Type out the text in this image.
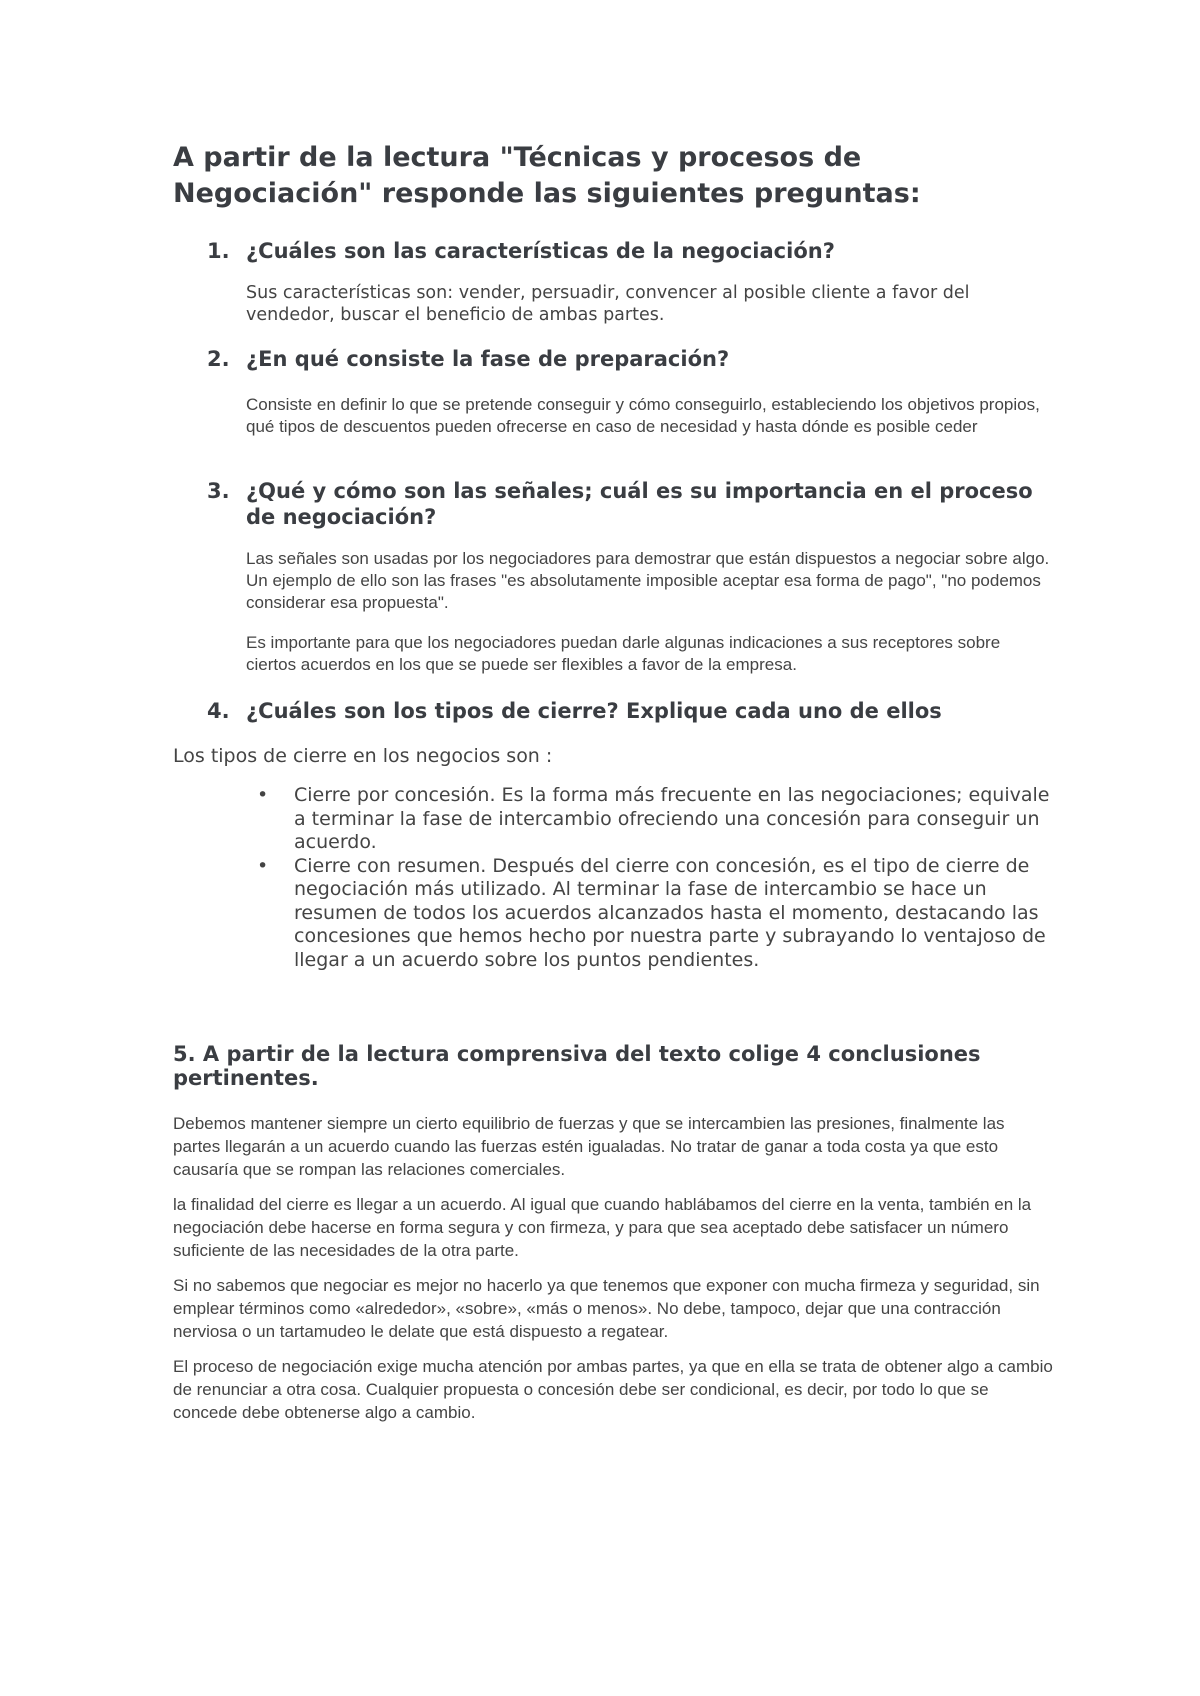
A partir de la lectura "Técnicas y procesos de Negociación" responde las siguientes preguntas:

1. ¿Cuáles son las características de la negociación?

Sus características son: vender, persuadir, convencer al posible cliente a favor del vendedor, buscar el beneficio de ambas partes.

2. ¿En qué consiste la fase de preparación?

Consiste en definir lo que se pretende conseguir y cómo conseguirlo, estableciendo los objetivos propios, qué tipos de descuentos pueden ofrecerse en caso de necesidad y hasta dónde es posible ceder

3. ¿Qué y cómo son las señales; cuál es su importancia en el proceso de negociación?

Las señales son usadas por los negociadores para demostrar que están dispuestos a negociar sobre algo. Un ejemplo de ello son las frases "es absolutamente imposible aceptar esa forma de pago", "no podemos considerar esa propuesta".

Es importante para que los negociadores puedan darle algunas indicaciones a sus receptores sobre ciertos acuerdos en los que se puede ser flexibles a favor de la empresa.

4. ¿Cuáles son los tipos de cierre? Explique cada uno de ellos

Los tipos de cierre en los negocios son :

• Cierre por concesión. Es la forma más frecuente en las negociaciones; equivale a terminar la fase de intercambio ofreciendo una concesión para conseguir un acuerdo.
• Cierre con resumen. Después del cierre con concesión, es el tipo de cierre de negociación más utilizado. Al terminar la fase de intercambio se hace un resumen de todos los acuerdos alcanzados hasta el momento, destacando las concesiones que hemos hecho por nuestra parte y subrayando lo ventajoso de llegar a un acuerdo sobre los puntos pendientes.

5. A partir de la lectura comprensiva del texto colige 4 conclusiones pertinentes.

Debemos mantener siempre un cierto equilibrio de fuerzas y que se intercambien las presiones, finalmente las partes llegarán a un acuerdo cuando las fuerzas estén igualadas. No tratar de ganar a toda costa ya que esto causaría que se rompan las relaciones comerciales.

la finalidad del cierre es llegar a un acuerdo. Al igual que cuando hablábamos del cierre en la venta, también en la negociación debe hacerse en forma segura y con firmeza, y para que sea aceptado debe satisfacer un número suficiente de las necesidades de la otra parte.

Si no sabemos que negociar es mejor no hacerlo ya que tenemos que exponer con mucha firmeza y seguridad, sin emplear términos como «alrededor», «sobre», «más o menos». No debe, tampoco, dejar que una contracción nerviosa o un tartamudeo le delate que está dispuesto a regatear.

El proceso de negociación exige mucha atención por ambas partes, ya que en ella se trata de obtener algo a cambio de renunciar a otra cosa. Cualquier propuesta o concesión debe ser condicional, es decir, por todo lo que se concede debe obtenerse algo a cambio.
